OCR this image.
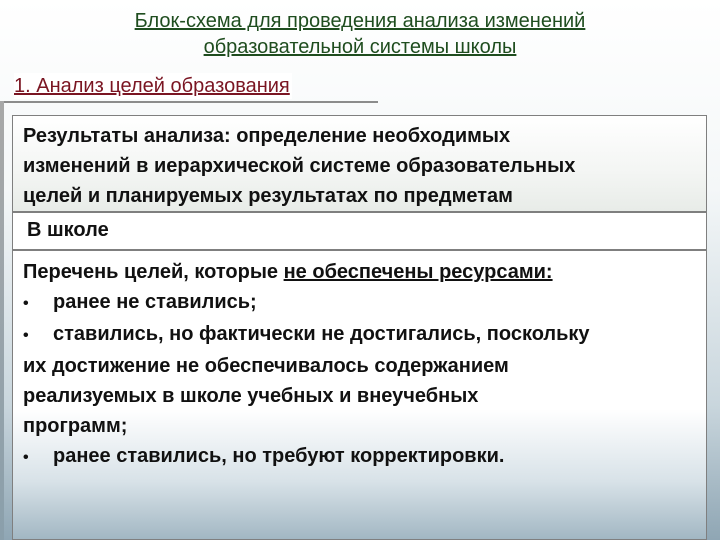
Блок-схема для проведения анализа изменений
образовательной системы школы
1. Анализ целей образования
Результаты анализа: определение необходимых
изменений в иерархической системе образовательных
целей и планируемых результатах по предметам
В школе
Перечень целей, которые не обеспечены ресурсами:
• ранее не ставились;
• ставились, но фактически не достигались, поскольку
их достижение не обеспечивалось содержанием
реализуемых в школе учебных и внеучебных
программ;
• ранее ставились, но требуют корректировки.
